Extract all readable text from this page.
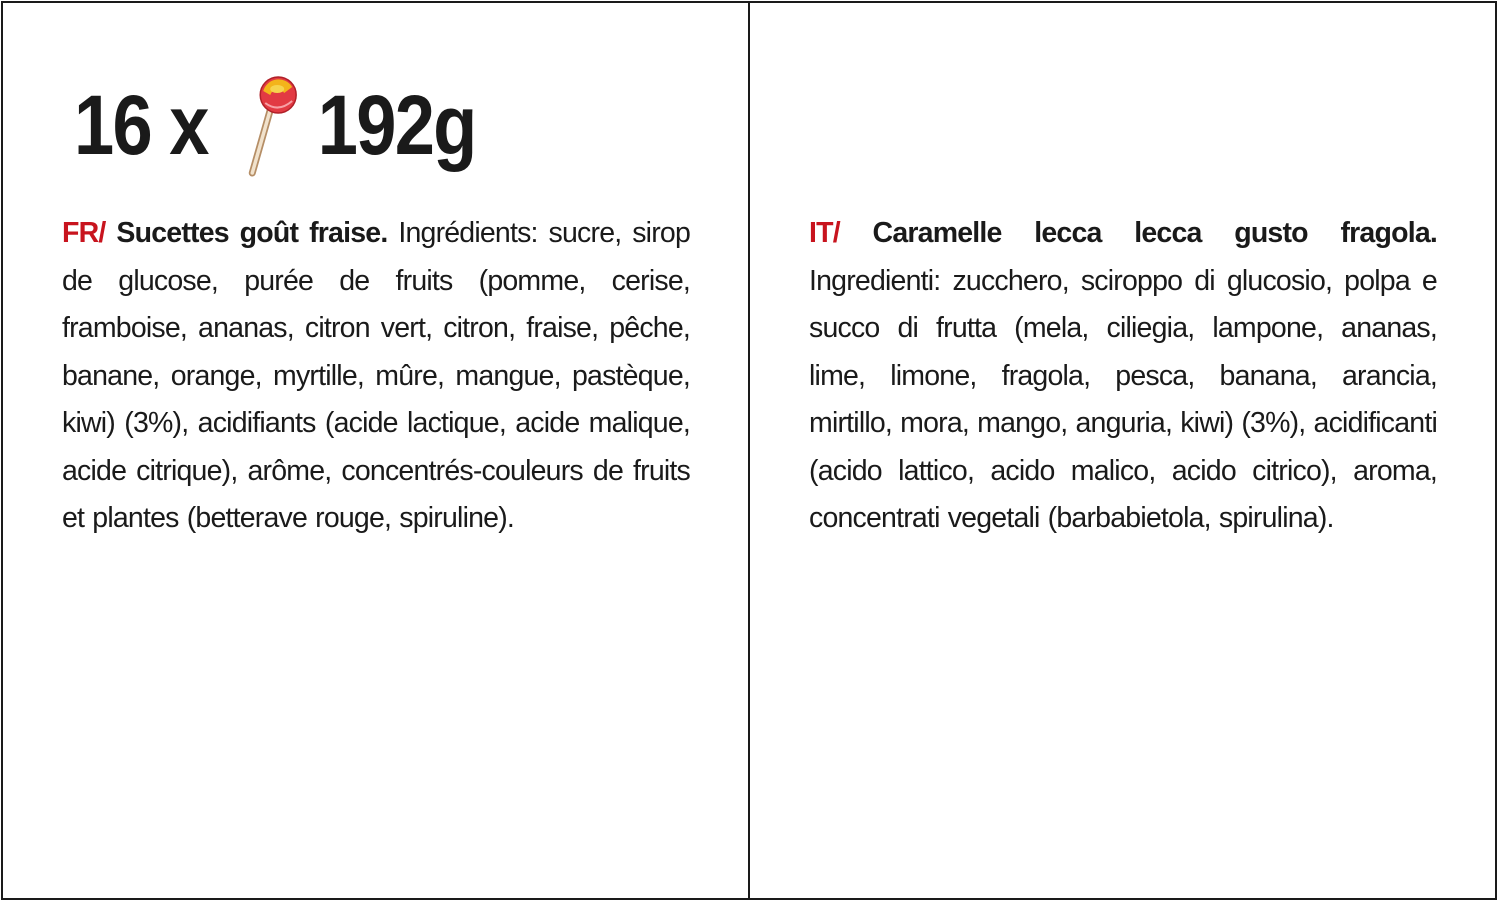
16 x 192g
FR/ Sucettes goût fraise. Ingrédients: sucre, sirop de glucose, purée de fruits (pomme, cerise, framboise, ananas, citron vert, citron, fraise, pêche, banane, orange, myrtille, mûre, mangue, pastèque, kiwi) (3%), acidifiants (acide lactique, acide malique, acide citrique), arôme, concentrés-couleurs de fruits et plantes (betterave rouge, spiruline).
IT/ Caramelle lecca lecca gusto fragola. Ingredienti: zucchero, sciroppo di glucosio, polpa e succo di frutta (mela, ciliegia, lampone, ananas, lime, limone, fragola, pesca, banana, arancia, mirtillo, mora, mango, anguria, kiwi) (3%), acidificanti (acido lattico, acido malico, acido citrico), aroma, concentrati vegetali (barbabietola, spirulina).
